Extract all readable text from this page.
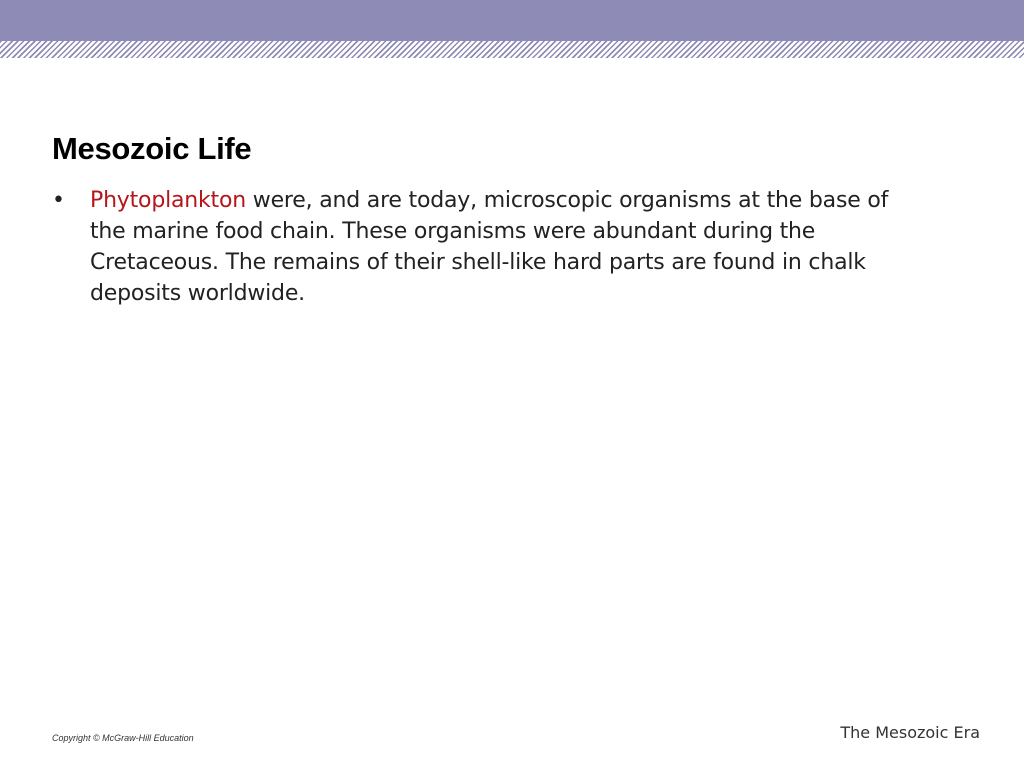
Mesozoic Life
• Phytoplankton were, and are today, microscopic organisms at the base of the marine food chain. These organisms were abundant during the Cretaceous. The remains of their shell-like hard parts are found in chalk deposits worldwide.
Copyright © McGraw-Hill Education	The Mesozoic Era
